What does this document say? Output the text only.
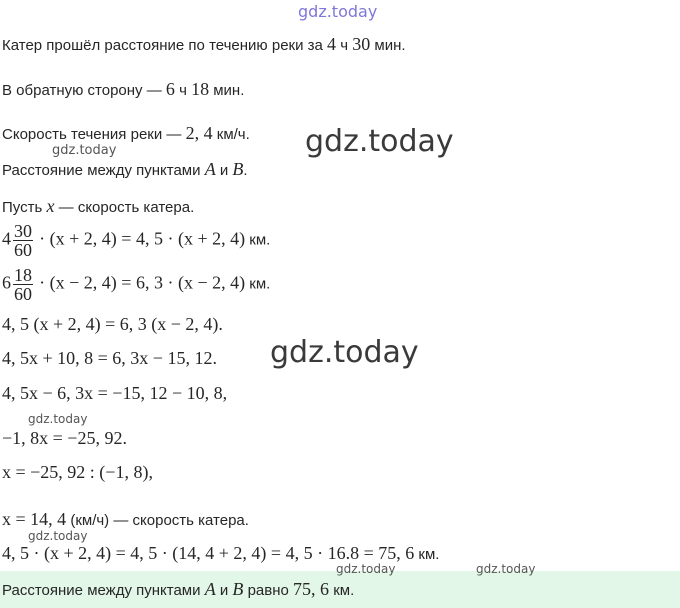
gdz.today
gdz.today
gdz.today
gdz.today
gdz.today
gdz.today
gdz.today	gdz.today
Катер прошёл расстояние по течению реки за 4 ч 30 мин.
В обратную сторону — 6 ч 18 мин.
Скорость течения реки — 2, 4 км/ч.
Расстояние между пунктами A и B.
Пусть x — скорость катера.
$4 \frac{30}{60} \cdot (x + 2$, 4) = 4, 5 · (x + 2, 4) км.
$6 \frac{18}{60} \cdot (x - 2$, 4) = 6, 3 · (x − 2, 4) км.
4, 5 (x + 2, 4) = 6, 3 (x − 2, 4).
4, 5x + 10, 8 = 6, 3x − 15, 12.
4, 5x − 6, 3x = −15, 12 − 10, 8,
−1, 8x = −25, 92.
x = −25, 92 : (−1, 8),
x = 14, 4 (км/ч) — скорость катера.
4, 5 · (x + 2, 4) = 4, 5 · (14, 4 + 2, 4) = 4, 5 · 16.8 = 75, 6 км.
Расстояние между пунктами A и B равно 75, 6 км.
